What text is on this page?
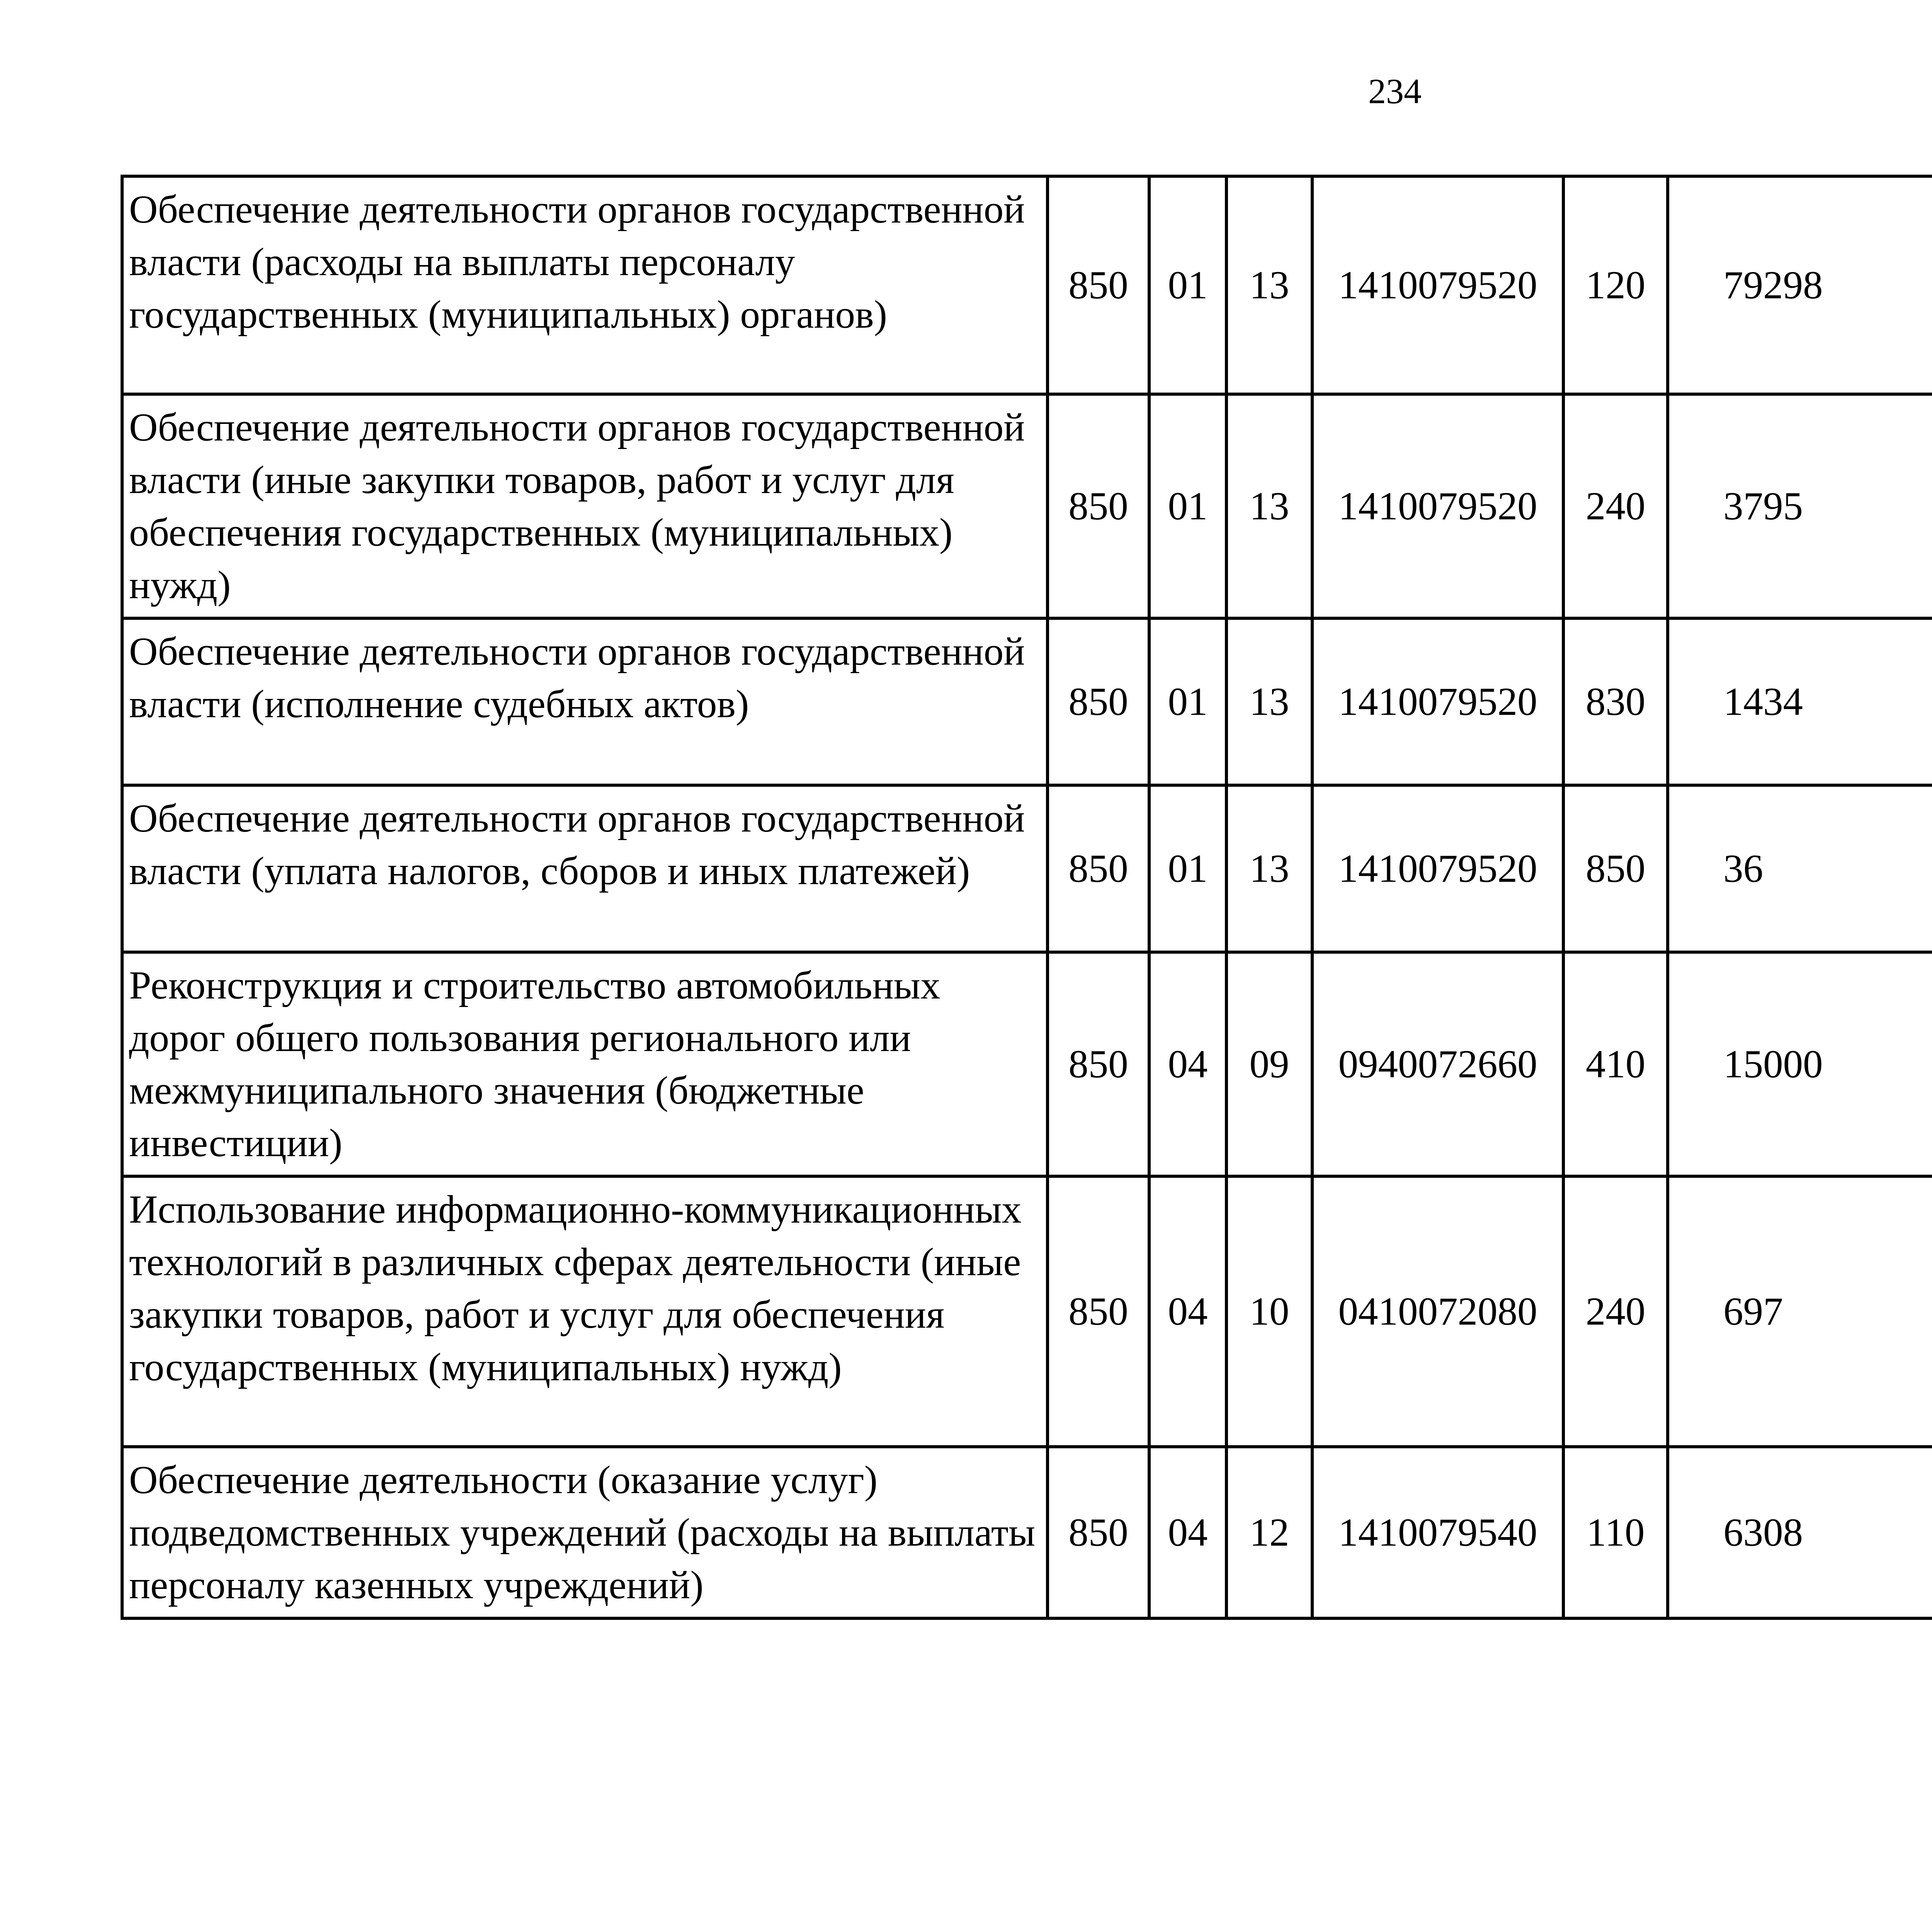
234
Обеспечение деятельности органов государственной власти (расходы на выплаты персоналу государственных (муниципальных) органов)	850	01	13	1410079520	120	79298		
Обеспечение деятельности органов государственной власти (иные закупки товаров, работ и услуг для обеспечения государственных (муниципальных) нужд)	850	01	13	1410079520	240	3795		
Обеспечение деятельности органов государственной власти (исполнение судебных актов)	850	01	13	1410079520	830	1434		
Обеспечение деятельности органов государственной власти (уплата налогов, сборов и иных платежей)	850	01	13	1410079520	850	36		
Реконструкция и строительство автомобильных дорог общего пользования регионального или межмуниципального значения (бюджетные инвестиции)	850	04	09	0940072660	410	15000		
Использование информационно-коммуникационных технологий в различных сферах деятельности (иные закупки товаров, работ и услуг для обеспечения государственных (муниципальных) нужд)	850	04	10	0410072080	240	697		
Обеспечение деятельности (оказание услуг) подведомственных учреждений (расходы на выплаты персоналу казенных учреждений)	850	04	12	1410079540	110	6308		
